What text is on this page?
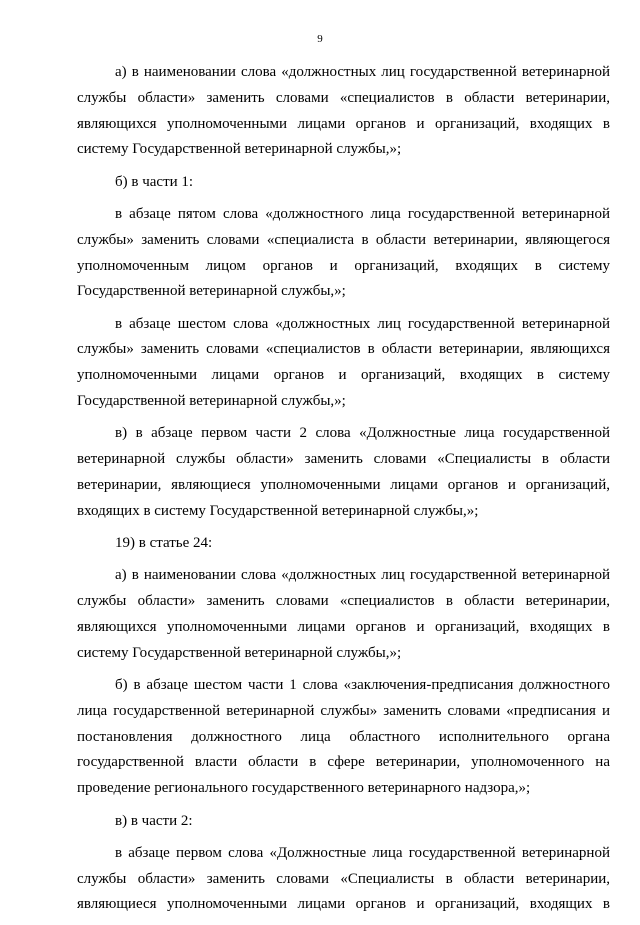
9

а) в наименовании слова «должностных лиц государственной ветеринарной службы области» заменить словами «специалистов в области ветеринарии, являющихся уполномоченными лицами органов и организаций, входящих в систему Государственной ветеринарной службы,»;

б) в части 1:

в абзаце пятом слова «должностного лица государственной ветеринарной службы» заменить словами «специалиста в области ветеринарии, являющегося уполномоченным лицом органов и организаций, входящих в систему Государственной ветеринарной службы,»;

в абзаце шестом слова «должностных лиц государственной ветеринарной службы» заменить словами «специалистов в области ветеринарии, являющихся уполномоченными лицами органов и организаций, входящих в систему Государственной ветеринарной службы,»;

в) в абзаце первом части 2 слова «Должностные лица государственной ветеринарной службы области» заменить словами «Специалисты в области ветеринарии, являющиеся уполномоченными лицами органов и организаций, входящих в систему Государственной ветеринарной службы,»;

19) в статье 24:

а) в наименовании слова «должностных лиц государственной ветеринарной службы области» заменить словами «специалистов в области ветеринарии, являющихся уполномоченными лицами органов и организаций, входящих в систему Государственной ветеринарной службы,»;

б) в абзаце шестом части 1 слова «заключения-предписания должностного лица государственной ветеринарной службы» заменить словами «предписания и постановления должностного лица областного исполнительного органа государственной власти области в сфере ветеринарии, уполномоченного на проведение регионального государственного ветеринарного надзора,»;

в) в части 2:

в абзаце первом слова «Должностные лица государственной ветеринарной службы области» заменить словами «Специалисты в области ветеринарии, являющиеся уполномоченными лицами органов и организаций, входящих в
